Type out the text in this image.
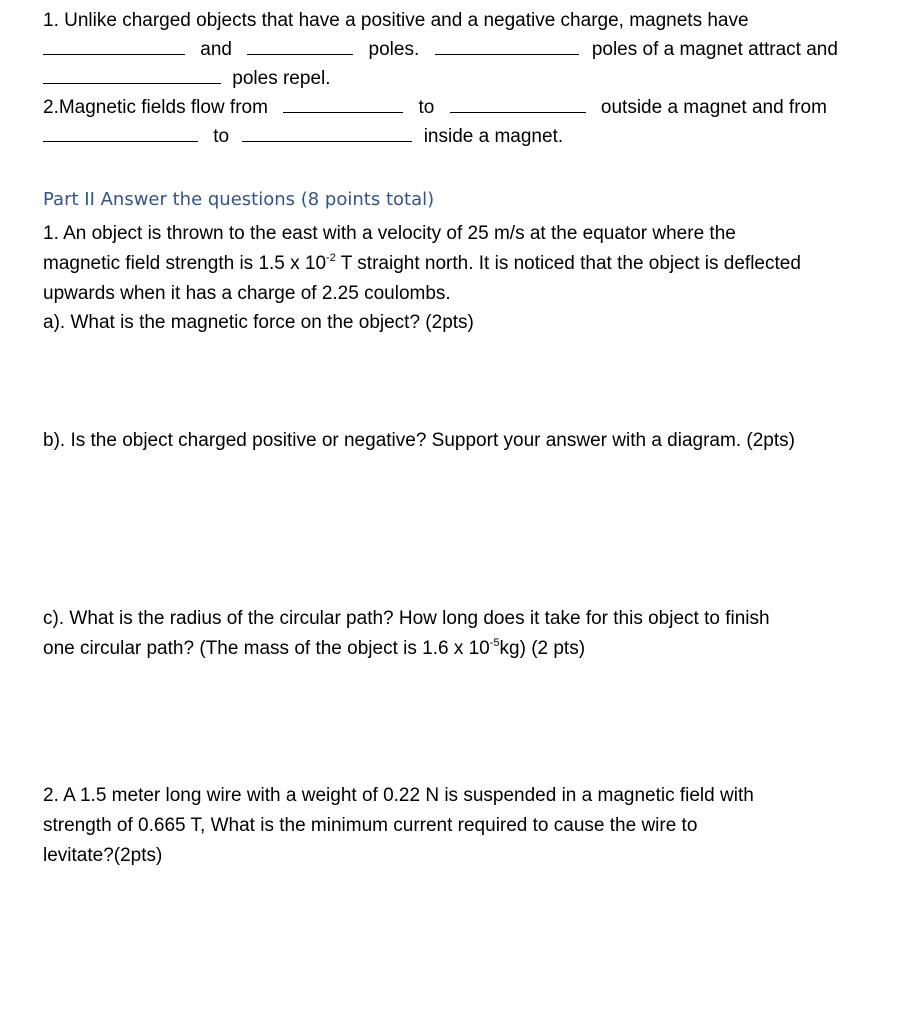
1. Unlike charged objects that have a positive and a negative charge, magnets have
and	poles.	poles of a magnet attract and
poles repel.
2.Magnetic fields flow from	to	outside a magnet and from
to	inside a magnet.
Part II Answer the questions (8 points total)
1. An object is thrown to the east with a velocity of 25 m/s at the equator where the
magnetic field strength is 1.5 x $10^{-2}$ T straight north. It is noticed that the object is deflected
upwards when it has a charge of 2.25 coulombs.
a). What is the magnetic force on the object? (2pts)
b). Is the object charged positive or negative? Support your answer with a diagram. (2pts)
c). What is the radius of the circular path? How long does it take for this object to finish
one circular path? (The mass of the object is 1.6 x $10^{-5}kg$) (2 pts)
2. A 1.5 meter long wire with a weight of 0.22 N is suspended in a magnetic field with
strength of 0.665 T, What is the minimum current required to cause the wire to
levitate?(2pts)
